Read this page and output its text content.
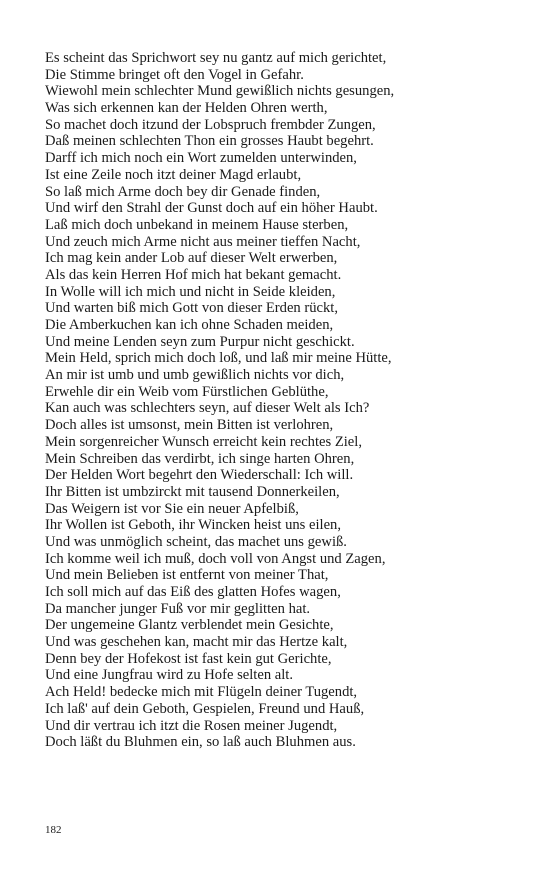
Es scheint das Sprichwort sey nu gantz auf mich gerichtet,
Die Stimme bringet oft den Vogel in Gefahr.
Wiewohl mein schlechter Mund gewißlich nichts gesungen,
Was sich erkennen kan der Helden Ohren werth,
So machet doch itzund der Lobspruch frembder Zungen,
Daß meinen schlechten Thon ein grosses Haubt begehrt.
Darff ich mich noch ein Wort zumelden unterwinden,
Ist eine Zeile noch itzt deiner Magd erlaubt,
So laß mich Arme doch bey dir Genade finden,
Und wirf den Strahl der Gunst doch auf ein höher Haubt.
Laß mich doch unbekand in meinem Hause sterben,
Und zeuch mich Arme nicht aus meiner tieffen Nacht,
Ich mag kein ander Lob auf dieser Welt erwerben,
Als das kein Herren Hof mich hat bekant gemacht.
In Wolle will ich mich und nicht in Seide kleiden,
Und warten biß mich Gott von dieser Erden rückt,
Die Amberkuchen kan ich ohne Schaden meiden,
Und meine Lenden seyn zum Purpur nicht geschickt.
Mein Held, sprich mich doch loß, und laß mir meine Hütte,
An mir ist umb und umb gewißlich nichts vor dich,
Erwehle dir ein Weib vom Fürstlichen Geblüthe,
Kan auch was schlechters seyn, auf dieser Welt als Ich?
Doch alles ist umsonst, mein Bitten ist verlohren,
Mein sorgenreicher Wunsch erreicht kein rechtes Ziel,
Mein Schreiben das verdirbt, ich singe harten Ohren,
Der Helden Wort begehrt den Wiederschall: Ich will.
Ihr Bitten ist umbzirckt mit tausend Donnerkeilen,
Das Weigern ist vor Sie ein neuer Apfelbiß,
Ihr Wollen ist Geboth, ihr Wincken heist uns eilen,
Und was unmöglich scheint, das machet uns gewiß.
Ich komme weil ich muß, doch voll von Angst und Zagen,
Und mein Belieben ist entfernt von meiner That,
Ich soll mich auf das Eiß des glatten Hofes wagen,
Da mancher junger Fuß vor mir geglitten hat.
Der ungemeine Glantz verblendet mein Gesichte,
Und was geschehen kan, macht mir das Hertze kalt,
Denn bey der Hofekost ist fast kein gut Gerichte,
Und eine Jungfrau wird zu Hofe selten alt.
Ach Held! bedecke mich mit Flügeln deiner Tugendt,
Ich laß' auf dein Geboth, Gespielen, Freund und Hauß,
Und dir vertrau ich itzt die Rosen meiner Jugendt,
Doch läßt du Bluhmen ein, so laß auch Bluhmen aus.
182
